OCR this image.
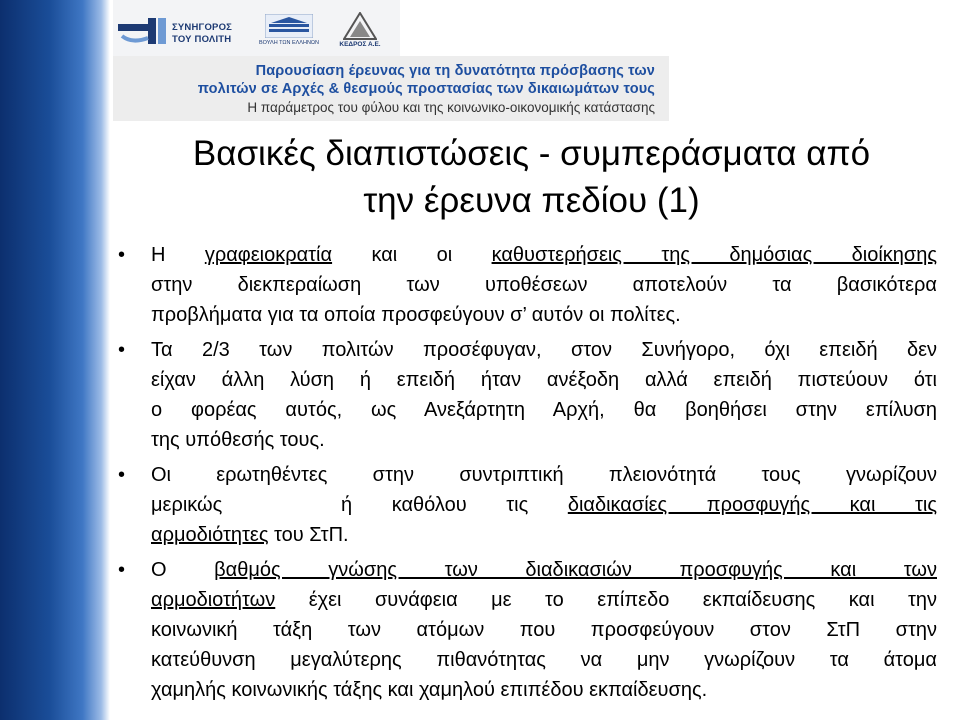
ΣΥΝΗΓΟΡΟΣ
ΤΟΥ ΠΟΛΙΤΗ	ΒΟΥΛΗ ΤΩΝ ΕΛΛΗΝΩΝ	ΚΕΔΡΟΣ Α.Ε.
Παρουσίαση έρευνας για τη δυνατότητα πρόσβασης των
πολιτών σε Αρχές & θεσμούς προστασίας των δικαιωμάτων τους
Η παράμετρος του φύλου και της κοινωνικο-οικονομικής κατάστασης
Βασικές διαπιστώσεις - συμπεράσματα από
την έρευνα πεδίου (1)
• Η γραφειοκρατία και οι καθυστερήσεις της δημόσιας διοίκησης
στην διεκπεραίωση των υποθέσεων αποτελούν τα βασικότερα
προβλήματα για τα οποία προσφεύγουν σ’ αυτόν οι πολίτες.
• Τα 2/3 των πολιτών προσέφυγαν, στον Συνήγορο, όχι επειδή δεν
είχαν άλλη λύση ή επειδή ήταν ανέξοδη αλλά επειδή πιστεύουν ότι
ο φορέας αυτός, ως Ανεξάρτητη Αρχή, θα βοηθήσει στην επίλυση
της υπόθεσής τους.
• Οι ερωτηθέντες στην συντριπτική πλειονότητά τους γνωρίζουν
μερικώς   ή καθόλου τις διαδικασίες προσφυγής και τις
αρμοδιότητες του ΣτΠ.
• Ο βαθμός γνώσης των διαδικασιών προσφυγής και των
αρμοδιοτήτων έχει συνάφεια με το επίπεδο εκπαίδευσης και την
κοινωνική τάξη των ατόμων που προσφεύγουν στον ΣτΠ στην
κατεύθυνση μεγαλύτερης πιθανότητας να μην γνωρίζουν τα άτομα
χαμηλής κοινωνικής τάξης και χαμηλού επιπέδου εκπαίδευσης.
